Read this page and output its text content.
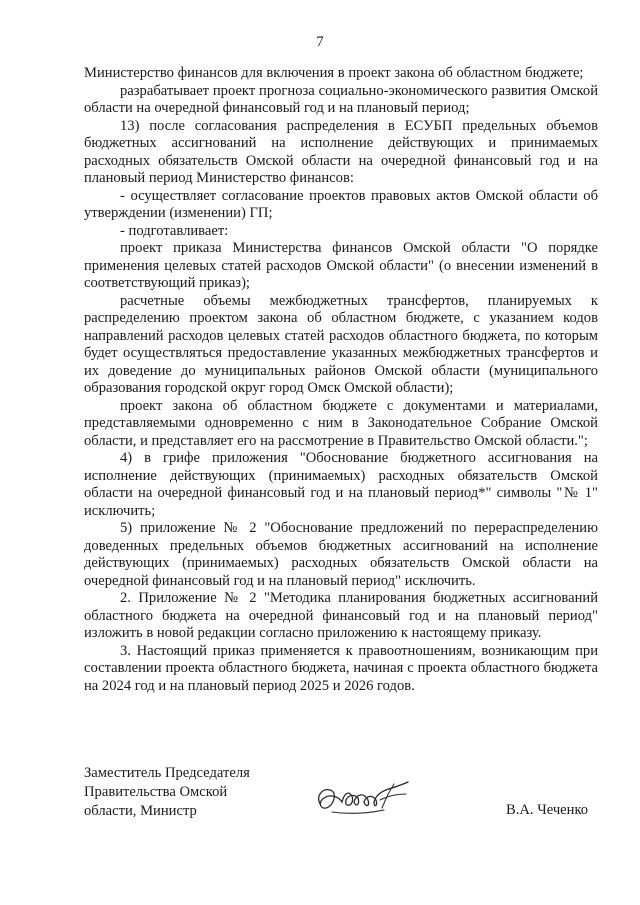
7

Министерство финансов для включения в проект закона об областном бюджете;

разрабатывает проект прогноза социально-экономического развития Омской области на очередной финансовый год и на плановый период;

13) после согласования распределения в ЕСУБП предельных объемов бюджетных ассигнований на исполнение действующих и принимаемых расходных обязательств Омской области на очередной финансовый год и на плановый период Министерство финансов:

- осуществляет согласование проектов правовых актов Омской области об утверждении (изменении) ГП;

- подготавливает:

проект приказа Министерства финансов Омской области "О порядке применения целевых статей расходов Омской области" (о внесении изменений в соответствующий приказ);

расчетные объемы межбюджетных трансфертов, планируемых к распределению проектом закона об областном бюджете, с указанием кодов направлений расходов целевых статей расходов областного бюджета, по которым будет осуществляться предоставление указанных межбюджетных трансфертов и их доведение до муниципальных районов Омской области (муниципального образования городской округ город Омск Омской области);

проект закона об областном бюджете с документами и материалами, представляемыми одновременно с ним в Законодательное Собрание Омской области, и представляет его на рассмотрение в Правительство Омской области.";

4) в грифе приложения "Обоснование бюджетного ассигнования на исполнение действующих (принимаемых) расходных обязательств Омской области на очередной финансовый год и на плановый период*" символы "№ 1" исключить;

5) приложение № 2 "Обоснование предложений по перераспределению доведенных предельных объемов бюджетных ассигнований на исполнение действующих (принимаемых) расходных обязательств Омской области на очередной финансовый год и на плановый период" исключить.

2. Приложение № 2 "Методика планирования бюджетных ассигнований областного бюджета на очередной финансовый год и на плановый период" изложить в новой редакции согласно приложению к настоящему приказу.

3. Настоящий приказ применяется к правоотношениям, возникающим при составлении проекта областного бюджета, начиная с проекта областного бюджета на 2024 год и на плановый период 2025 и 2026 годов.

Заместитель Председателя
Правительства Омской
области, Министр	В.А. Чеченко
